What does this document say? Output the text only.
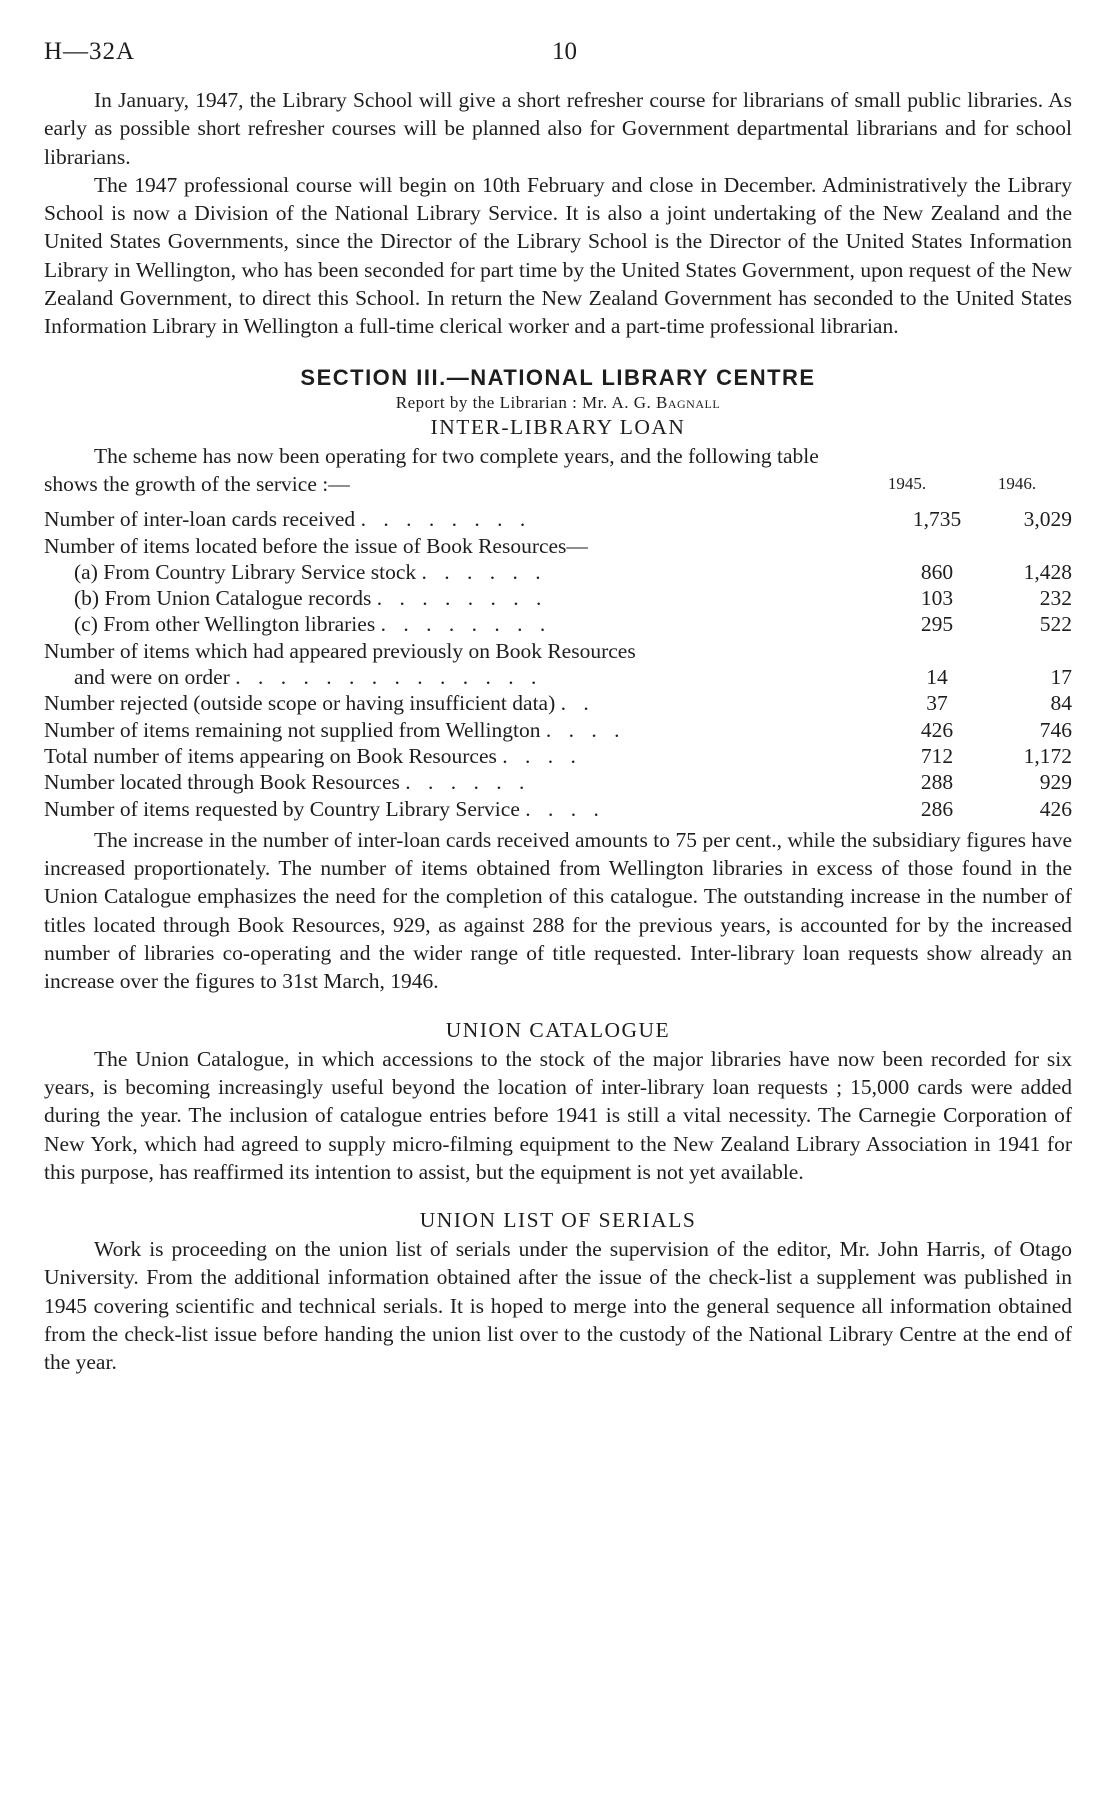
H—32A	10

In January, 1947, the Library School will give a short refresher course for librarians of small public libraries. As early as possible short refresher courses will be planned also for Government departmental librarians and for school librarians.

The 1947 professional course will begin on 10th February and close in December. Administratively the Library School is now a Division of the National Library Service. It is also a joint undertaking of the New Zealand and the United States Governments, since the Director of the Library School is the Director of the United States Information Library in Wellington, who has been seconded for part time by the United States Government, upon request of the New Zealand Government, to direct this School. In return the New Zealand Government has seconded to the United States Information Library in Wellington a full-time clerical worker and a part-time professional librarian.

SECTION III.—NATIONAL LIBRARY CENTRE
Report by the Librarian : Mr. A. G. Bagnall
INTER-LIBRARY LOAN

The scheme has now been operating for two complete years, and the following table

shows the growth of the service :—	1945.	1946.
Number of inter-loan cards received . . . . . . . .	1,735	3,029
Number of items located before the issue of Book Resources—		
(a) From Country Library Service stock . . . . . .	860	1,428
(b) From Union Catalogue records . . . . . . . .	103	232
(c) From other Wellington libraries . . . . . . . .	295	522
Number of items which had appeared previously on Book Resources		
and were on order . . . . . . . . . . . . . .	14	17
Number rejected (outside scope or having insufficient data) . .	37	84
Number of items remaining not supplied from Wellington . . . .	426	746
Total number of items appearing on Book Resources . . . .	712	1,172
Number located through Book Resources . . . . . .	288	929
Number of items requested by Country Library Service . . . .	286	426

The increase in the number of inter-loan cards received amounts to 75 per cent., while the subsidiary figures have increased proportionately. The number of items obtained from Wellington libraries in excess of those found in the Union Catalogue emphasizes the need for the completion of this catalogue. The outstanding increase in the number of titles located through Book Resources, 929, as against 288 for the previous years, is accounted for by the increased number of libraries co-operating and the wider range of title requested. Inter-library loan requests show already an increase over the figures to 31st March, 1946.

UNION CATALOGUE

The Union Catalogue, in which accessions to the stock of the major libraries have now been recorded for six years, is becoming increasingly useful beyond the location of inter-library loan requests ; 15,000 cards were added during the year. The inclusion of catalogue entries before 1941 is still a vital necessity. The Carnegie Corporation of New York, which had agreed to supply micro-filming equipment to the New Zealand Library Association in 1941 for this purpose, has reaffirmed its intention to assist, but the equipment is not yet available.

UNION LIST OF SERIALS

Work is proceeding on the union list of serials under the supervision of the editor, Mr. John Harris, of Otago University. From the additional information obtained after the issue of the check-list a supplement was published in 1945 covering scientific and technical serials. It is hoped to merge into the general sequence all information obtained from the check-list issue before handing the union list over to the custody of the National Library Centre at the end of the year.
